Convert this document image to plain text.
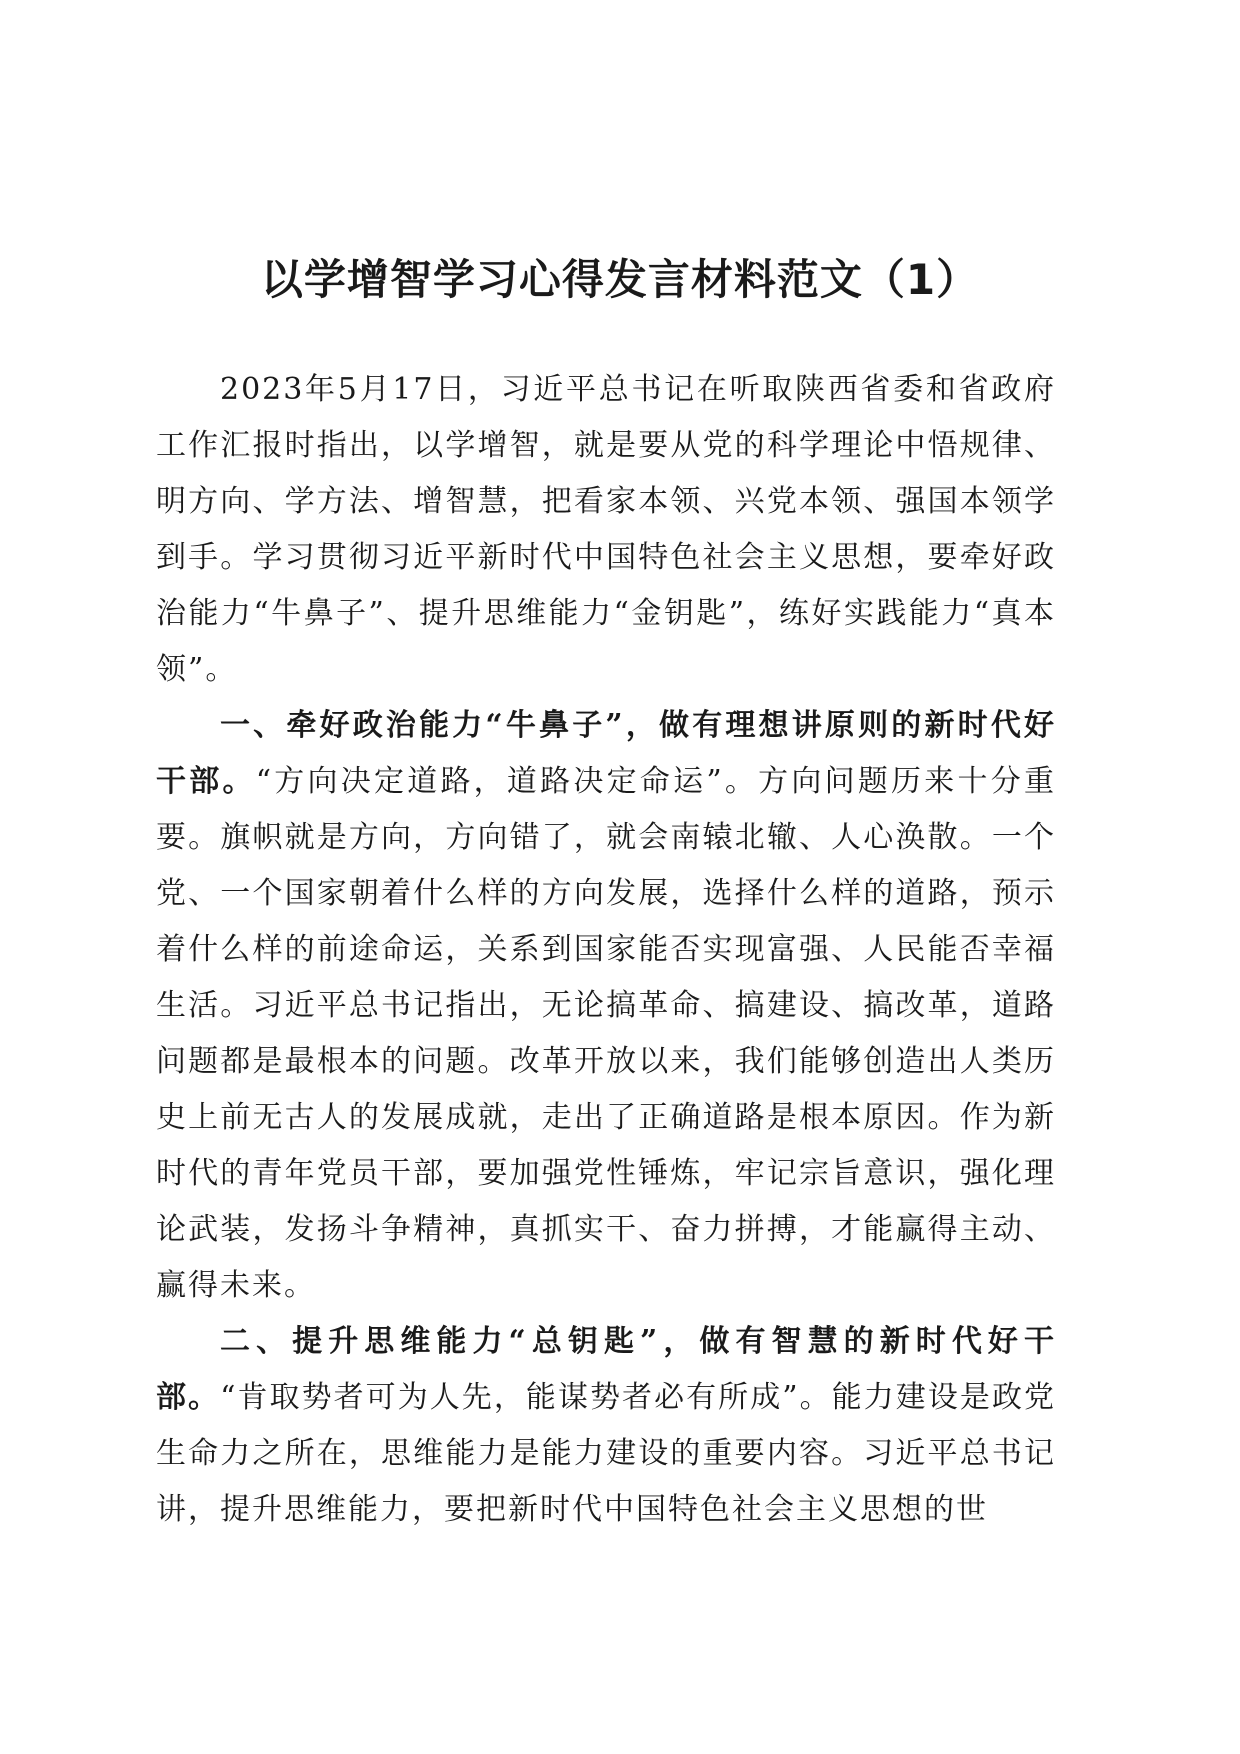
以学增智学习心得发言材料范文（1）

2023年5月17日，习近平总书记在听取陕西省委和省政府工作汇报时指出，以学增智，就是要从党的科学理论中悟规律、明方向、学方法、增智慧，把看家本领、兴党本领、强国本领学到手。学习贯彻习近平新时代中国特色社会主义思想，要牵好政治能力“牛鼻子”、提升思维能力“金钥匙”，练好实践能力“真本领”。

一、牵好政治能力“牛鼻子”，做有理想讲原则的新时代好干部。“方向决定道路，道路决定命运”。方向问题历来十分重要。旗帜就是方向，方向错了，就会南辕北辙、人心涣散。一个党、一个国家朝着什么样的方向发展，选择什么样的道路，预示着什么样的前途命运，关系到国家能否实现富强、人民能否幸福生活。习近平总书记指出，无论搞革命、搞建设、搞改革，道路问题都是最根本的问题。改革开放以来，我们能够创造出人类历史上前无古人的发展成就，走出了正确道路是根本原因。作为新时代的青年党员干部，要加强党性锤炼，牢记宗旨意识，强化理论武装，发扬斗争精神，真抓实干、奋力拼搏，才能赢得主动、赢得未来。

二、提升思维能力“总钥匙”，做有智慧的新时代好干部。“肯取势者可为人先，能谋势者必有所成”。能力建设是政党生命力之所在，思维能力是能力建设的重要内容。习近平总书记讲，提升思维能力，要把新时代中国特色社会主义思想的世
